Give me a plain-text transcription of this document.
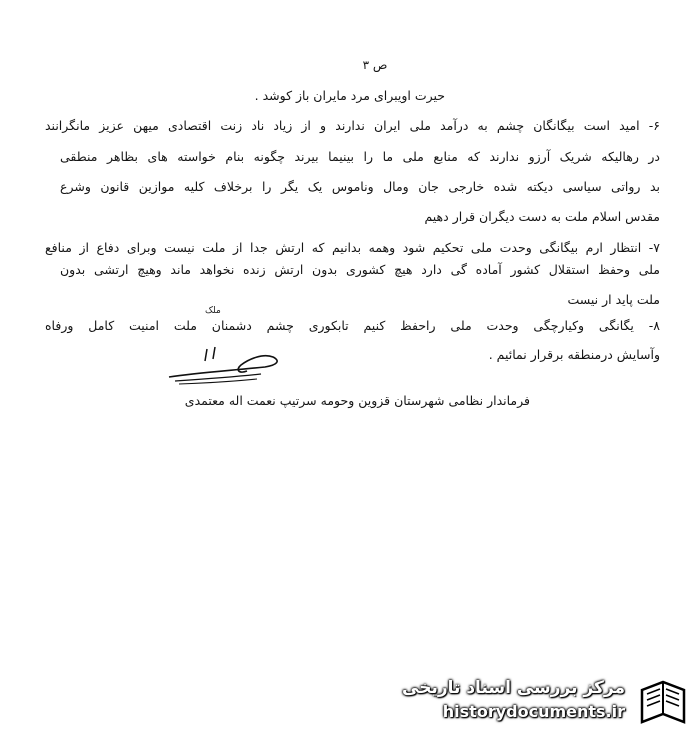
ص ۳
حیرت اویبرای مرد مایران باز کوشد .
۶- امید است بیگانگان چشم به درآمد ملی ایران ندارند و از زیاد ناد زنت اقتصادی میهن عزیز مانگرانند
در رهالیکه شریک آرزو ندارند که منابع ملی ما را بینیما بیرند چگونه بنام خواسته های بظاهر منطقی
بد رواتی سیاسی دیکته شده خارجی جان ومال وناموس یک یگر را برخلاف کلیه موازین قانون وشرع
مقدس اسلام ملت به دست دیگران قرار دهیم
۷- انتظار ارم بیگانگی وحدت ملی تحکیم شود وهمه بدانیم که ارتش جدا از ملت نیست وبرای دفاع از منافع
ملی وحفظ استقلال کشور آماده گی دارد هیچ کشوری بدون ارتش زنده نخواهد ماند وهیچ ارتشی بدون
ملت پاید ار نیست
ملک
۸- یگانگی وکیارچگی وحدت ملی راحفظ کنیم تابکوری چشم دشمنان ملت امنیت کامل ورفاه
وآسایش درمنطقه برقرار نمائیم .
فرماندار نظامی شهرستان قزوین وحومه سرتیپ نعمت اله معتمدی
مرکز بررسی اسناد تاریخی
historydocuments.ir
